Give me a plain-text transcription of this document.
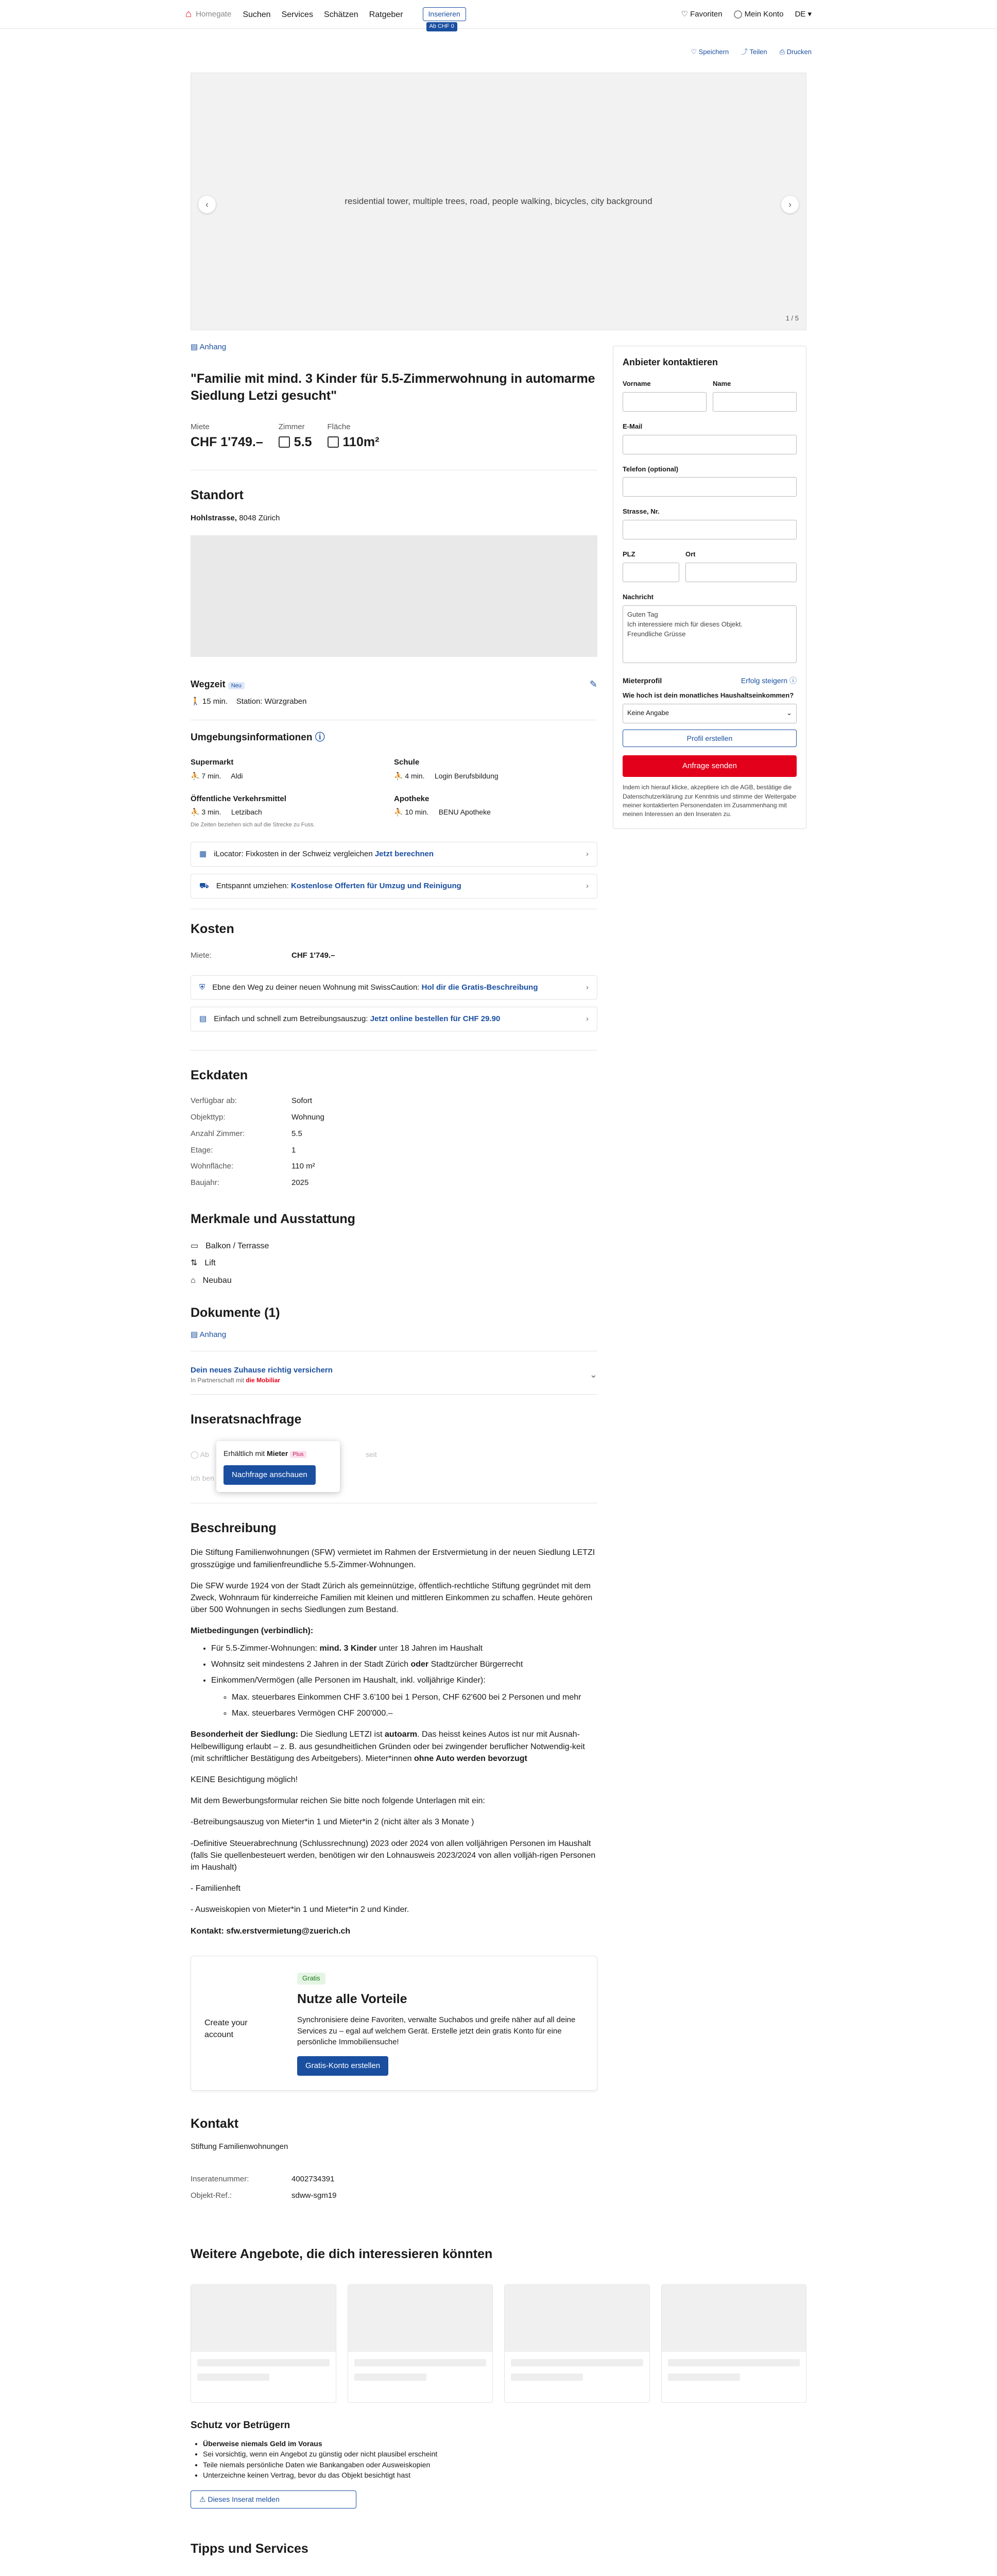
⌂ Homegate Suchen Services Schätzen Ratgeber	Inserieren
Ab CHF 0
♡ Favoriten ◯ Mein Konto DE ▾
♡ Speichern ⤴ Teilen ⎙ Drucken
residential tower, multiple trees, road, people walking, bicycles, city background
‹	›
1 / 5
▤ Anhang
"Familie mit mind. 3 Kinder für 5.5-Zimmerwohnung in automarme Siedlung Letzi gesucht"
Miete
CHF 1'749.–
Zimmer
5.5
Fläche
110m²
Standort
Hohlstrasse, 8048 Zürich
Wegzeit Neu	✎
🚶 15 min. Station: Würzgraben
Umgebungsinformationen ⓘ
Supermarkt
⛹ 7 min. Aldi
Schule
⛹ 4 min. Login Berufsbildung
Öffentliche Verkehrsmittel
⛹ 3 min. Letzibach
Apotheke
⛹ 10 min. BENU Apotheke
Die Zeiten beziehen sich auf die Strecke zu Fuss.
▦ iLocator: Fixkosten in der Schweiz vergleichen Jetzt berechnen	›
⛟ Entspannt umziehen: Kostenlose Offerten für Umzug und Reinigung	›
Kosten
Miete:	CHF 1'749.–
⛨ Ebne den Weg zu deiner neuen Wohnung mit SwissCaution: Hol dir die Gratis-Beschreibung	›
▤ Einfach und schnell zum Betreibungsauszug: Jetzt online bestellen für CHF 29.90	›
Eckdaten
Verfügbar ab:	Sofort
Objekttyp:	Wohnung
Anzahl Zimmer:	5.5
Etage:	1
Wohnfläche:	110 m²
Baujahr:	2025
Merkmale und Ausstattung
▭ Balkon / Terrasse
⇅ Lift
⌂ Neubau
Dokumente (1)
▤ Anhang
Dein neues Zuhause richtig versichern
In Partnerschaft mit die Mobiliar
⌄
Inseratsnachfrage
◯ Ab	seit
Ich ben
Erhältlich mit Mieter Plus
Nachfrage anschauen
Beschreibung

Die Stiftung Familienwohnungen (SFW) vermietet im Rahmen der Erstvermietung in der neuen Siedlung LETZI grosszügige und familienfreundliche 5.5-Zimmer-Wohnungen.

Die SFW wurde 1924 von der Stadt Zürich als gemeinnützige, öffentlich-rechtliche Stiftung gegründet mit dem Zweck, Wohnraum für kinderreiche Familien mit kleinen und mittleren Einkommen zu schaffen. Heute gehören über 500 Wohnungen in sechs Siedlungen zum Bestand.

Mietbedingungen (verbindlich):

• Für 5.5-Zimmer-Wohnungen: mind. 3 Kinder unter 18 Jahren im Haushalt
• Wohnsitz seit mindestens 2 Jahren in der Stadt Zürich oder Stadtzürcher Bürgerrecht
• Einkommen/Vermögen (alle Personen im Haushalt, inkl. volljährige Kinder):
◦ Max. steuerbares Einkommen CHF 3.6'100 bei 1 Person, CHF 62'600 bei 2 Personen und mehr
◦ Max. steuerbares Vermögen CHF 200'000.–

Besonderheit der Siedlung: Die Siedlung LETZI ist autoarm. Das heisst keines Autos ist nur mit Ausnah-Helbewilligung erlaubt – z. B. aus gesundheitlichen Gründen oder bei zwingender beruflicher Notwendig-keit (mit schriftlicher Bestätigung des Arbeitgebers). Mieter*innen ohne Auto werden bevorzugt

KEINE Besichtigung möglich!

Mit dem Bewerbungsformular reichen Sie bitte noch folgende Unterlagen mit ein:

-Betreibungsauszug von Mieter*in 1 und Mieter*in 2 (nicht älter als 3 Monate )

-Definitive Steuerabrechnung (Schlussrechnung) 2023 oder 2024 von allen volljährigen Personen im Haushalt (falls Sie quellenbesteuert werden, benötigen wir den Lohnausweis 2023/2024 von allen volljäh-rigen Personen im Haushalt)

- Familienheft

- Ausweiskopien von Mieter*in 1 und Mieter*in 2 und Kinder.

Kontakt: sfw.erstvermietung@zuerich.ch

Create your account
Gratis
Nutze alle Vorteile
Synchronisiere deine Favoriten, verwalte Suchabos und greife näher auf all deine Services zu – egal auf welchem Gerät. Erstelle jetzt dein gratis Konto für eine persönliche Immobiliensuche!
Gratis-Konto erstellen
Kontakt
Stiftung Familienwohnungen
Inseratenummer:	4002734391
Objekt-Ref.:	sdww-sgm19
Anbieter kontaktieren
Vorname	Name
E-Mail
Telefon (optional)
Strasse, Nr.
PLZ	Ort
Nachricht
Guten Tag
Ich interessiere mich für dieses Objekt.
Freundliche Grüsse
Mieterprofil	Erfolg steigern ⓘ
Wie hoch ist dein monatliches Haushaltseinkommen?
Keine Angabe	⌄
Profil erstellen
Anfrage senden
Indem ich hierauf klicke, akzeptiere ich die AGB, bestätige die Datenschutzerklärung zur Kenntnis und stimme der Weitergabe meiner kontaktierten Personendaten im Zusammenhang mit meinen Interessen an den Inseraten zu.
Weitere Angebote, die dich interessieren könnten
Schutz vor Betrügern
• Überweise niemals Geld im Voraus
• Sei vorsichtig, wenn ein Angebot zu günstig oder nicht plausibel erscheint
• Teile niemals persönliche Daten wie Bankangaben oder Ausweiskopien
• Unterzeichne keinen Vertrag, bevor du das Objekt besichtigt hast
⚠ Dieses Inserat melden
Tipps und Services
